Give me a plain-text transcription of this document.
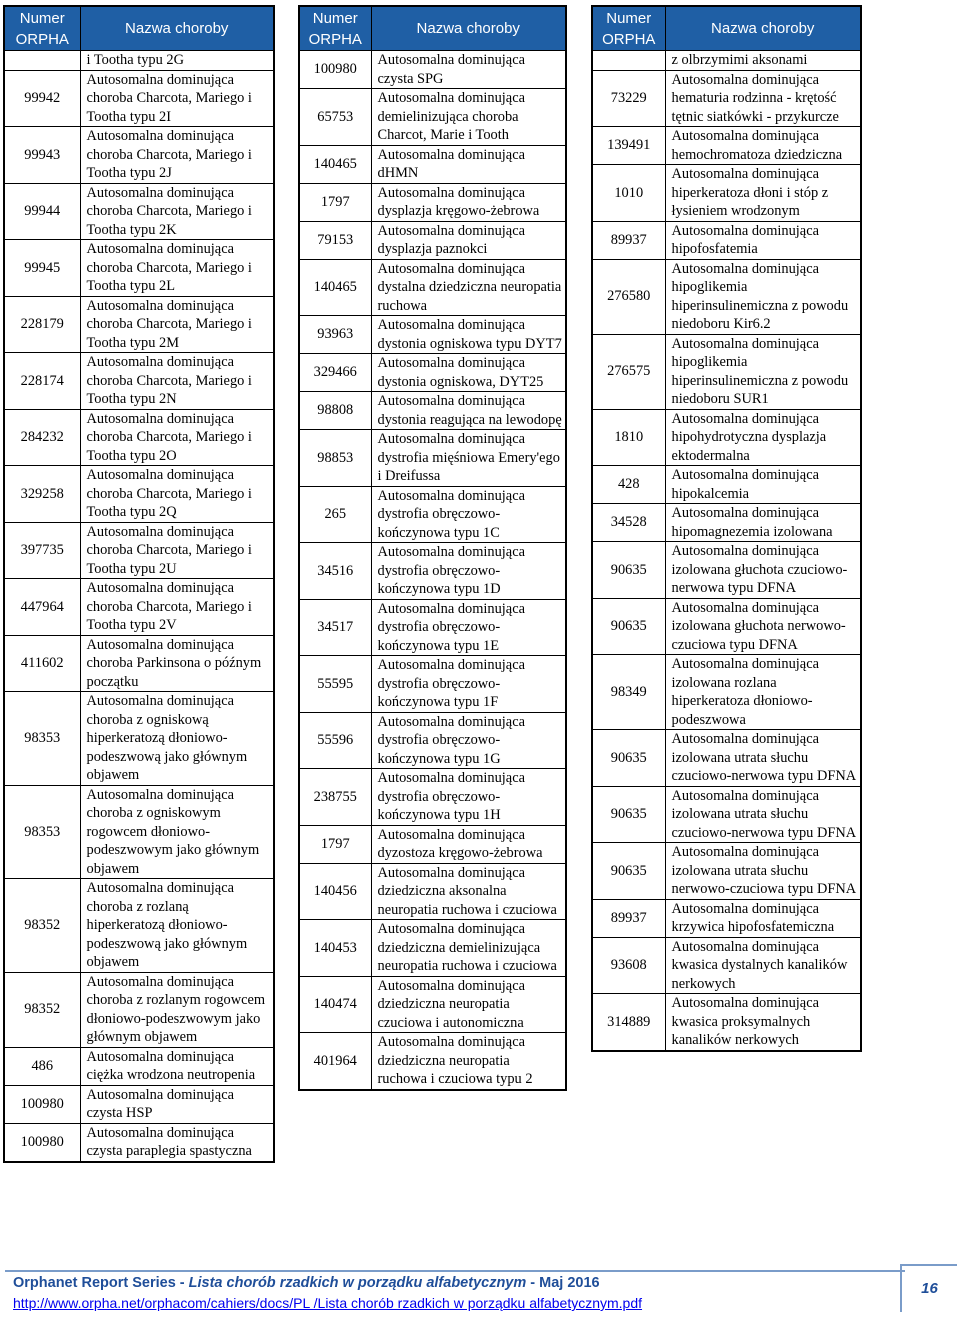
Numer ORPHA	Nazwa choroby
	i Tootha typu 2G
99942	Autosomalna dominująca choroba Charcota, Mariego i Tootha typu 2I
99943	Autosomalna dominująca choroba Charcota, Mariego i Tootha typu 2J
99944	Autosomalna dominująca choroba Charcota, Mariego i Tootha typu 2K
99945	Autosomalna dominująca choroba Charcota, Mariego i Tootha typu 2L
228179	Autosomalna dominująca choroba Charcota, Mariego i Tootha typu 2M
228174	Autosomalna dominująca choroba Charcota, Mariego i Tootha typu 2N
284232	Autosomalna dominująca choroba Charcota, Mariego i Tootha typu 2O
329258	Autosomalna dominująca choroba Charcota, Mariego i Tootha typu 2Q
397735	Autosomalna dominująca choroba Charcota, Mariego i Tootha typu 2U
447964	Autosomalna dominująca choroba Charcota, Mariego i Tootha typu 2V
411602	Autosomalna dominująca choroba Parkinsona o późnym początku
98353	Autosomalna dominująca choroba z ogniskową hiperkeratozą dłoniowo-podeszwową jako głównym objawem
98353	Autosomalna dominująca choroba z ogniskowym rogowcem dłoniowo-podeszwowym jako głównym objawem
98352	Autosomalna dominująca choroba z rozlaną hiperkeratozą dłoniowo-podeszwową jako głównym objawem
98352	Autosomalna dominująca choroba z rozlanym rogowcem dłoniowo-podeszwowym jako głównym objawem
486	Autosomalna dominująca ciężka wrodzona neutropenia
100980	Autosomalna dominująca czysta HSP
100980	Autosomalna dominująca czysta paraplegia spastyczna
Numer ORPHA	Nazwa choroby
100980	Autosomalna dominująca czysta SPG
65753	Autosomalna dominująca demielinizująca choroba Charcot, Marie i Tooth
140465	Autosomalna dominująca dHMN
1797	Autosomalna dominująca dysplazja kręgowo-żebrowa
79153	Autosomalna dominująca dysplazja paznokci
140465	Autosomalna dominująca dystalna dziedziczna neuropatia ruchowa
93963	Autosomalna dominująca dystonia ogniskowa typu DYT7
329466	Autosomalna dominująca dystonia ogniskowa, DYT25
98808	Autosomalna dominująca dystonia reagująca na lewodopę
98853	Autosomalna dominująca dystrofia mięśniowa Emery'ego i Dreifussa
265	Autosomalna dominująca dystrofia obręczowo-kończynowa typu 1C
34516	Autosomalna dominująca dystrofia obręczowo-kończynowa typu 1D
34517	Autosomalna dominująca dystrofia obręczowo-kończynowa typu 1E
55595	Autosomalna dominująca dystrofia obręczowo-kończynowa typu 1F
55596	Autosomalna dominująca dystrofia obręczowo-kończynowa typu 1G
238755	Autosomalna dominująca dystrofia obręczowo-kończynowa typu 1H
1797	Autosomalna dominująca dyzostoza kręgowo-żebrowa
140456	Autosomalna dominująca dziedziczna aksonalna neuropatia ruchowa i czuciowa
140453	Autosomalna dominująca dziedziczna demielinizująca neuropatia ruchowa i czuciowa
140474	Autosomalna dominująca dziedziczna neuropatia czuciowa i autonomiczna
401964	Autosomalna dominująca dziedziczna neuropatia ruchowa i czuciowa typu 2
Numer ORPHA	Nazwa choroby
	z olbrzymimi aksonami
73229	Autosomalna dominująca hematuria rodzinna - krętość tętnic siatkówki - przykurcze
139491	Autosomalna dominująca hemochromatoza dziedziczna
1010	Autosomalna dominująca hiperkeratoza dłoni i stóp z łysieniem wrodzonym
89937	Autosomalna dominująca hipofosfatemia
276580	Autosomalna dominująca hipoglikemia hiperinsulinemiczna z powodu niedoboru Kir6.2
276575	Autosomalna dominująca hipoglikemia hiperinsulinemiczna z powodu niedoboru SUR1
1810	Autosomalna dominująca hipohydrotyczna dysplazja ektodermalna
428	Autosomalna dominująca hipokalcemia
34528	Autosomalna dominująca hipomagnezemia izolowana
90635	Autosomalna dominująca izolowana głuchota czuciowo-nerwowa typu DFNA
90635	Autosomalna dominująca izolowana głuchota nerwowo-czuciowa typu DFNA
98349	Autosomalna dominująca izolowana rozlana hiperkeratoza dłoniowo-podeszwowa
90635	Autosomalna dominująca izolowana utrata słuchu czuciowo-nerwowa typu DFNA
90635	Autosomalna dominująca izolowana utrata słuchu czuciowo-nerwowa typu DFNA
90635	Autosomalna dominująca izolowana utrata słuchu nerwowo-czuciowa typu DFNA
89937	Autosomalna dominująca krzywica hipofosfatemiczna
93608	Autosomalna dominująca kwasica dystalnych kanalików nerkowych
314889	Autosomalna dominująca kwasica proksymalnych kanalików nerkowych
Orphanet Report Series - Lista chorób rzadkich w porządku alfabetycznym - Maj 2016
http://www.orpha.net/orphacom/cahiers/docs/PL /Lista chorób rzadkich w porządku alfabetycznym.pdf
16
